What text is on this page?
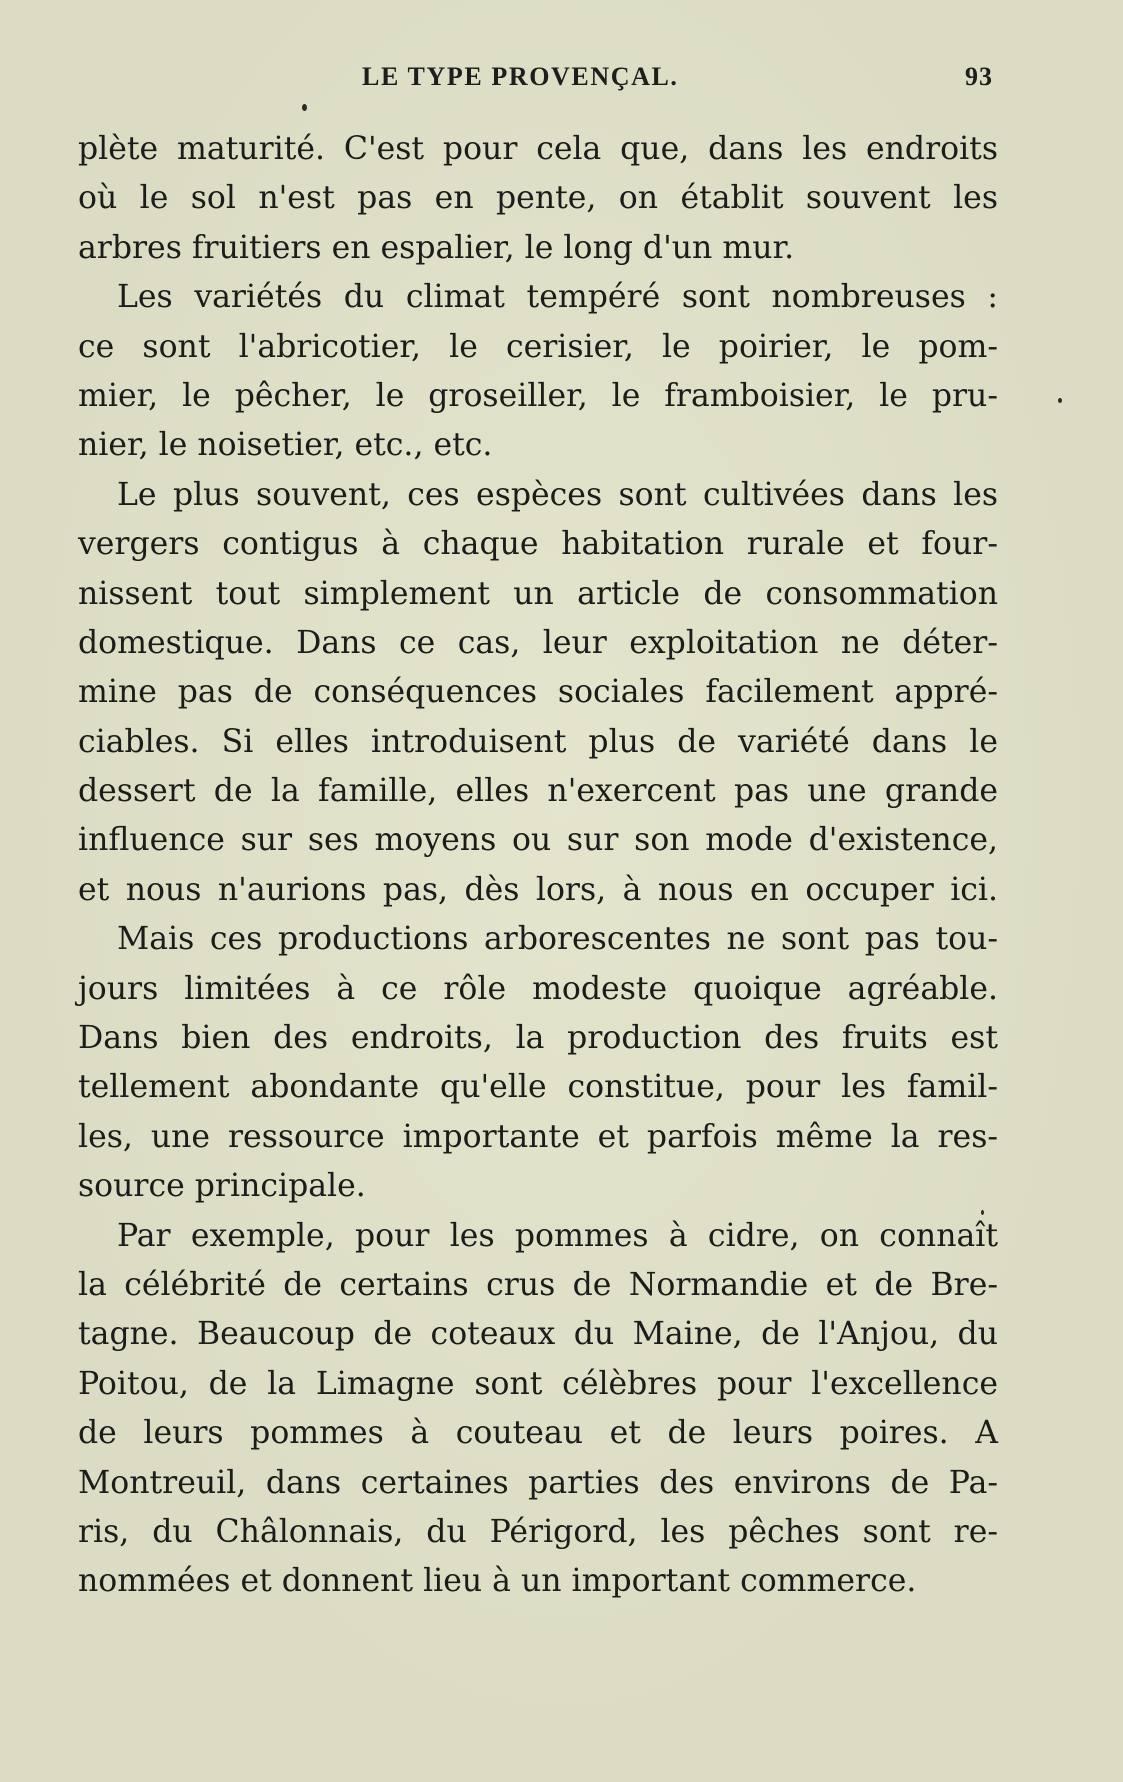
LE TYPE PROVENÇAL.	93
plète maturité. C'est pour cela que, dans les endroits
où le sol n'est pas en pente, on établit souvent les
arbres fruitiers en espalier, le long d'un mur.
Les variétés du climat tempéré sont nombreuses :
ce sont l'abricotier, le cerisier, le poirier, le pom-
mier, le pêcher, le groseiller, le framboisier, le pru-
nier, le noisetier, etc., etc.
Le plus souvent, ces espèces sont cultivées dans les
vergers contigus à chaque habitation rurale et four-
nissent tout simplement un article de consommation
domestique. Dans ce cas, leur exploitation ne déter-
mine pas de conséquences sociales facilement appré-
ciables. Si elles introduisent plus de variété dans le
dessert de la famille, elles n'exercent pas une grande
influence sur ses moyens ou sur son mode d'existence,
et nous n'aurions pas, dès lors, à nous en occuper ici.
Mais ces productions arborescentes ne sont pas tou-
jours limitées à ce rôle modeste quoique agréable.
Dans bien des endroits, la production des fruits est
tellement abondante qu'elle constitue, pour les famil-
les, une ressource importante et parfois même la res-
source principale.
Par exemple, pour les pommes à cidre, on connaît
la célébrité de certains crus de Normandie et de Bre-
tagne. Beaucoup de coteaux du Maine, de l'Anjou, du
Poitou, de la Limagne sont célèbres pour l'excellence
de leurs pommes à couteau et de leurs poires. A
Montreuil, dans certaines parties des environs de Pa-
ris, du Châlonnais, du Périgord, les pêches sont re-
nommées et donnent lieu à un important commerce.
